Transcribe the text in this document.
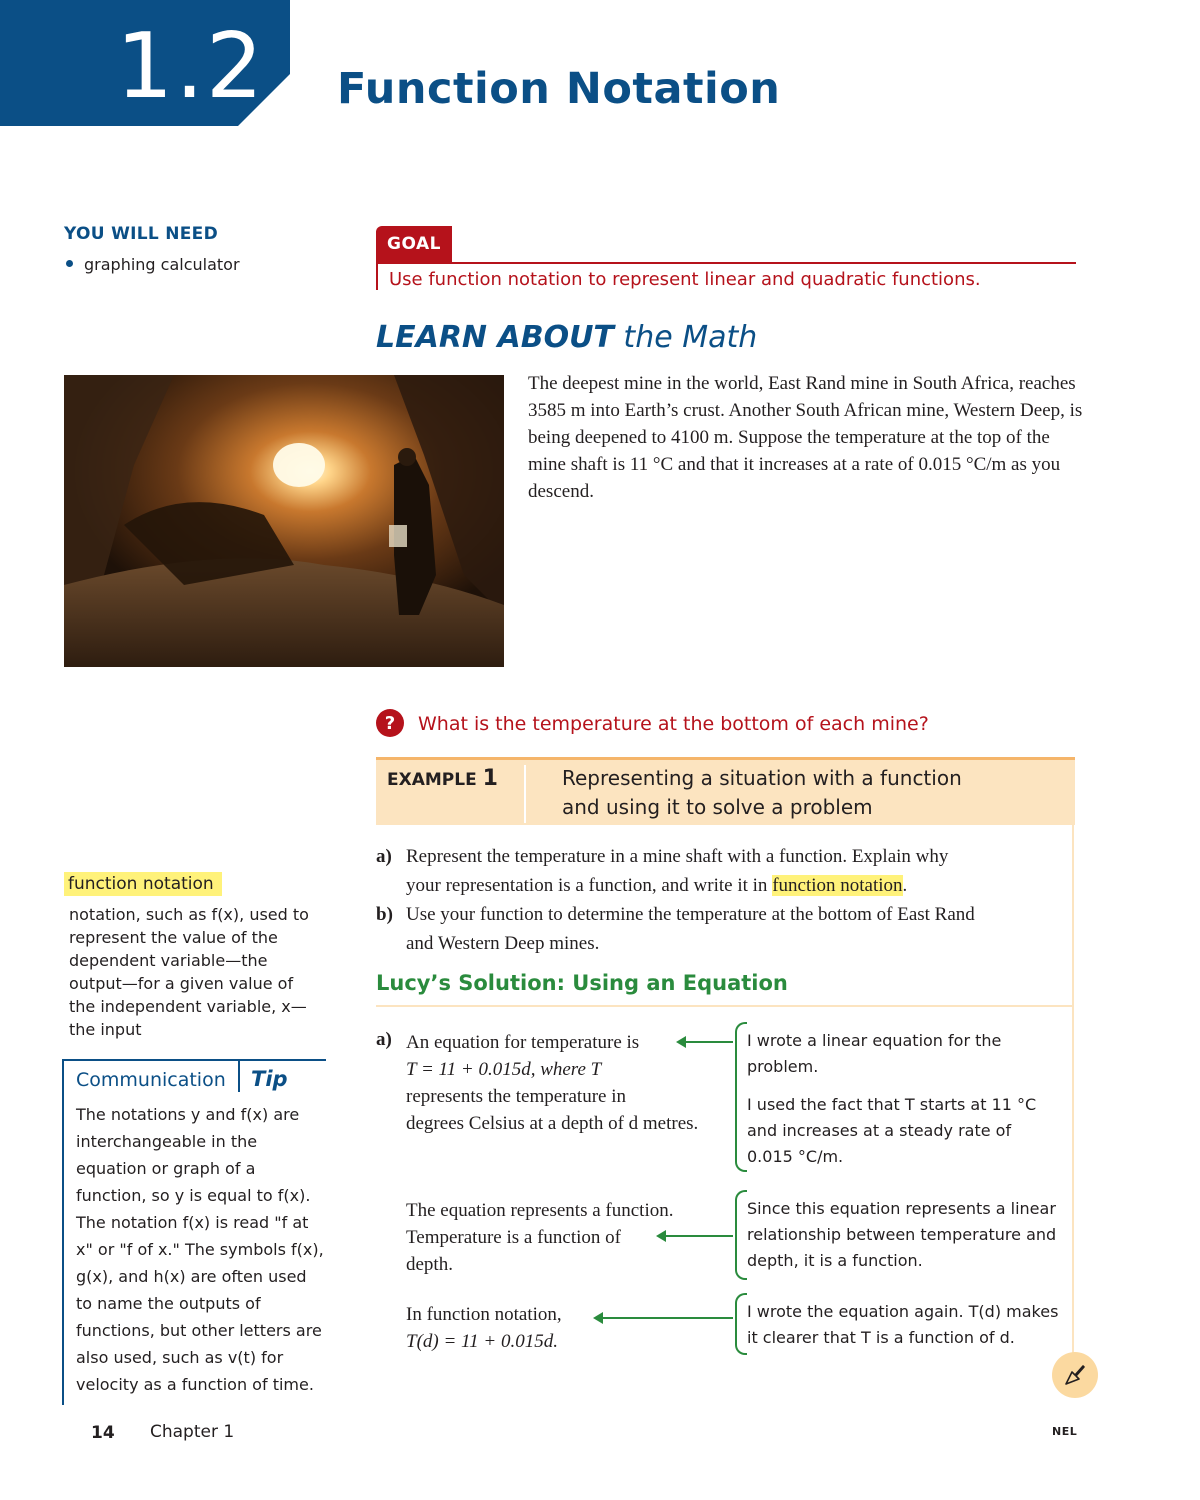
1.2 Function Notation
YOU WILL NEED
graphing calculator
GOAL
Use function notation to represent linear and quadratic functions.
LEARN ABOUT the Math
The deepest mine in the world, East Rand mine in South Africa, reaches 3585 m into Earth’s crust. Another South African mine, Western Deep, is being deepened to 4100 m. Suppose the temperature at the top of the mine shaft is 11 °C and that it increases at a rate of 0.015 °C/m as you descend.
?	What is the temperature at the bottom of each mine?
EXAMPLE 1	Representing a situation with a function
and using it to solve a problem
a) Represent the temperature in a mine shaft with a function. Explain why
your representation is a function, and write it in function notation.
b) Use your function to determine the temperature at the bottom of East Rand
and Western Deep mines.
Lucy’s Solution: Using an Equation
a) An equation for temperature is
T = 11 + 0.015d, where T
represents the temperature in
degrees Celsius at a depth of d metres.
I wrote a linear equation for the
problem.
I used the fact that T starts at 11 °C
and increases at a steady rate of
0.015 °C/m.
The equation represents a function.
Temperature is a function of
depth.
Since this equation represents a linear
relationship between temperature and
depth, it is a function.
In function notation,
T(d) = 11 + 0.015d.
I wrote the equation again. T(d) makes
it clearer that T is a function of d.
function notation
notation, such as f(x), used to represent the value of the dependent variable—the output—for a given value of the independent variable, x—the input
Communication Tip
The notations y and f(x) are interchangeable in the equation or graph of a function, so y is equal to f(x). The notation f(x) is read "f at x" or "f of x." The symbols f(x), g(x), and h(x) are often used to name the outputs of functions, but other letters are also used, such as v(t) for velocity as a function of time.
14 Chapter 1	NEL
